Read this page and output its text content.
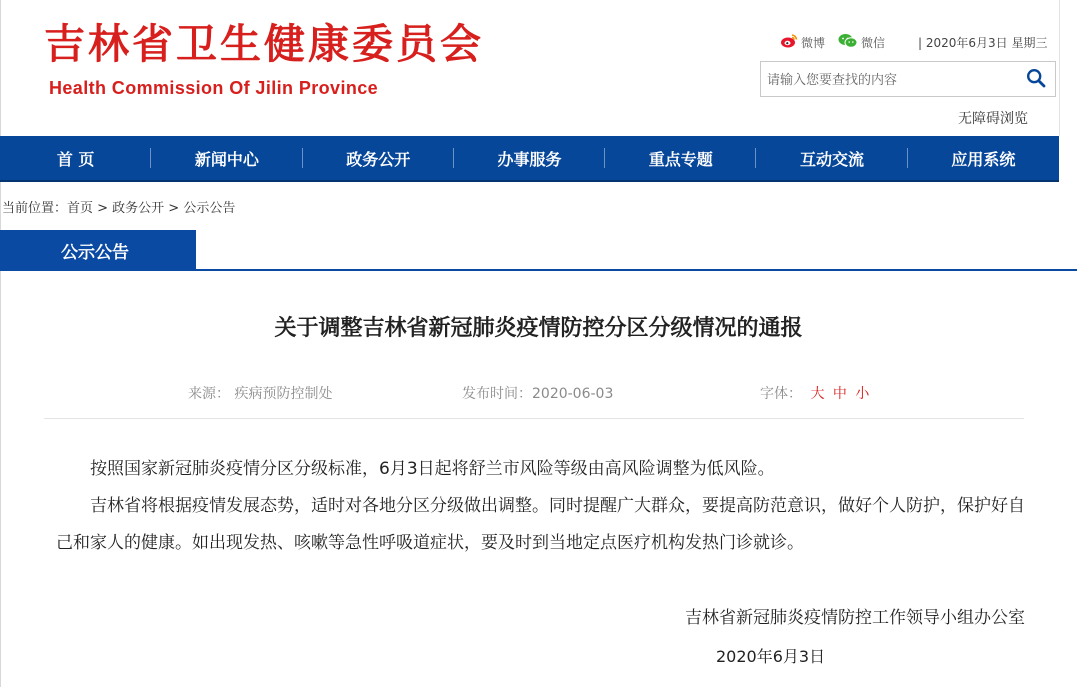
吉林省卫生健康委员会
Health Commission Of Jilin Province
微博	微信	| 2020年6月3日 星期三
请输入您要查找的内容
无障碍浏览
首 页	新闻中心	政务公开	办事服务	重点专题	互动交流	应用系统
当前位置：首页 > 政务公开 > 公示公告
公示公告
关于调整吉林省新冠肺炎疫情防控分区分级情况的通报
来源： 疾病预防控制处	发布时间：2020-06-03	字体： 大 中 小

按照国家新冠肺炎疫情分区分级标准，6月3日起将舒兰市风险等级由高风险调整为低风险。

吉林省将根据疫情发展态势，适时对各地分区分级做出调整。同时提醒广大群众，要提高防范意识，做好个人防护，保护好自己和家人的健康。如出现发热、咳嗽等急性呼吸道症状，要及时到当地定点医疗机构发热门诊就诊。

吉林省新冠肺炎疫情防控工作领导小组办公室
2020年6月3日
